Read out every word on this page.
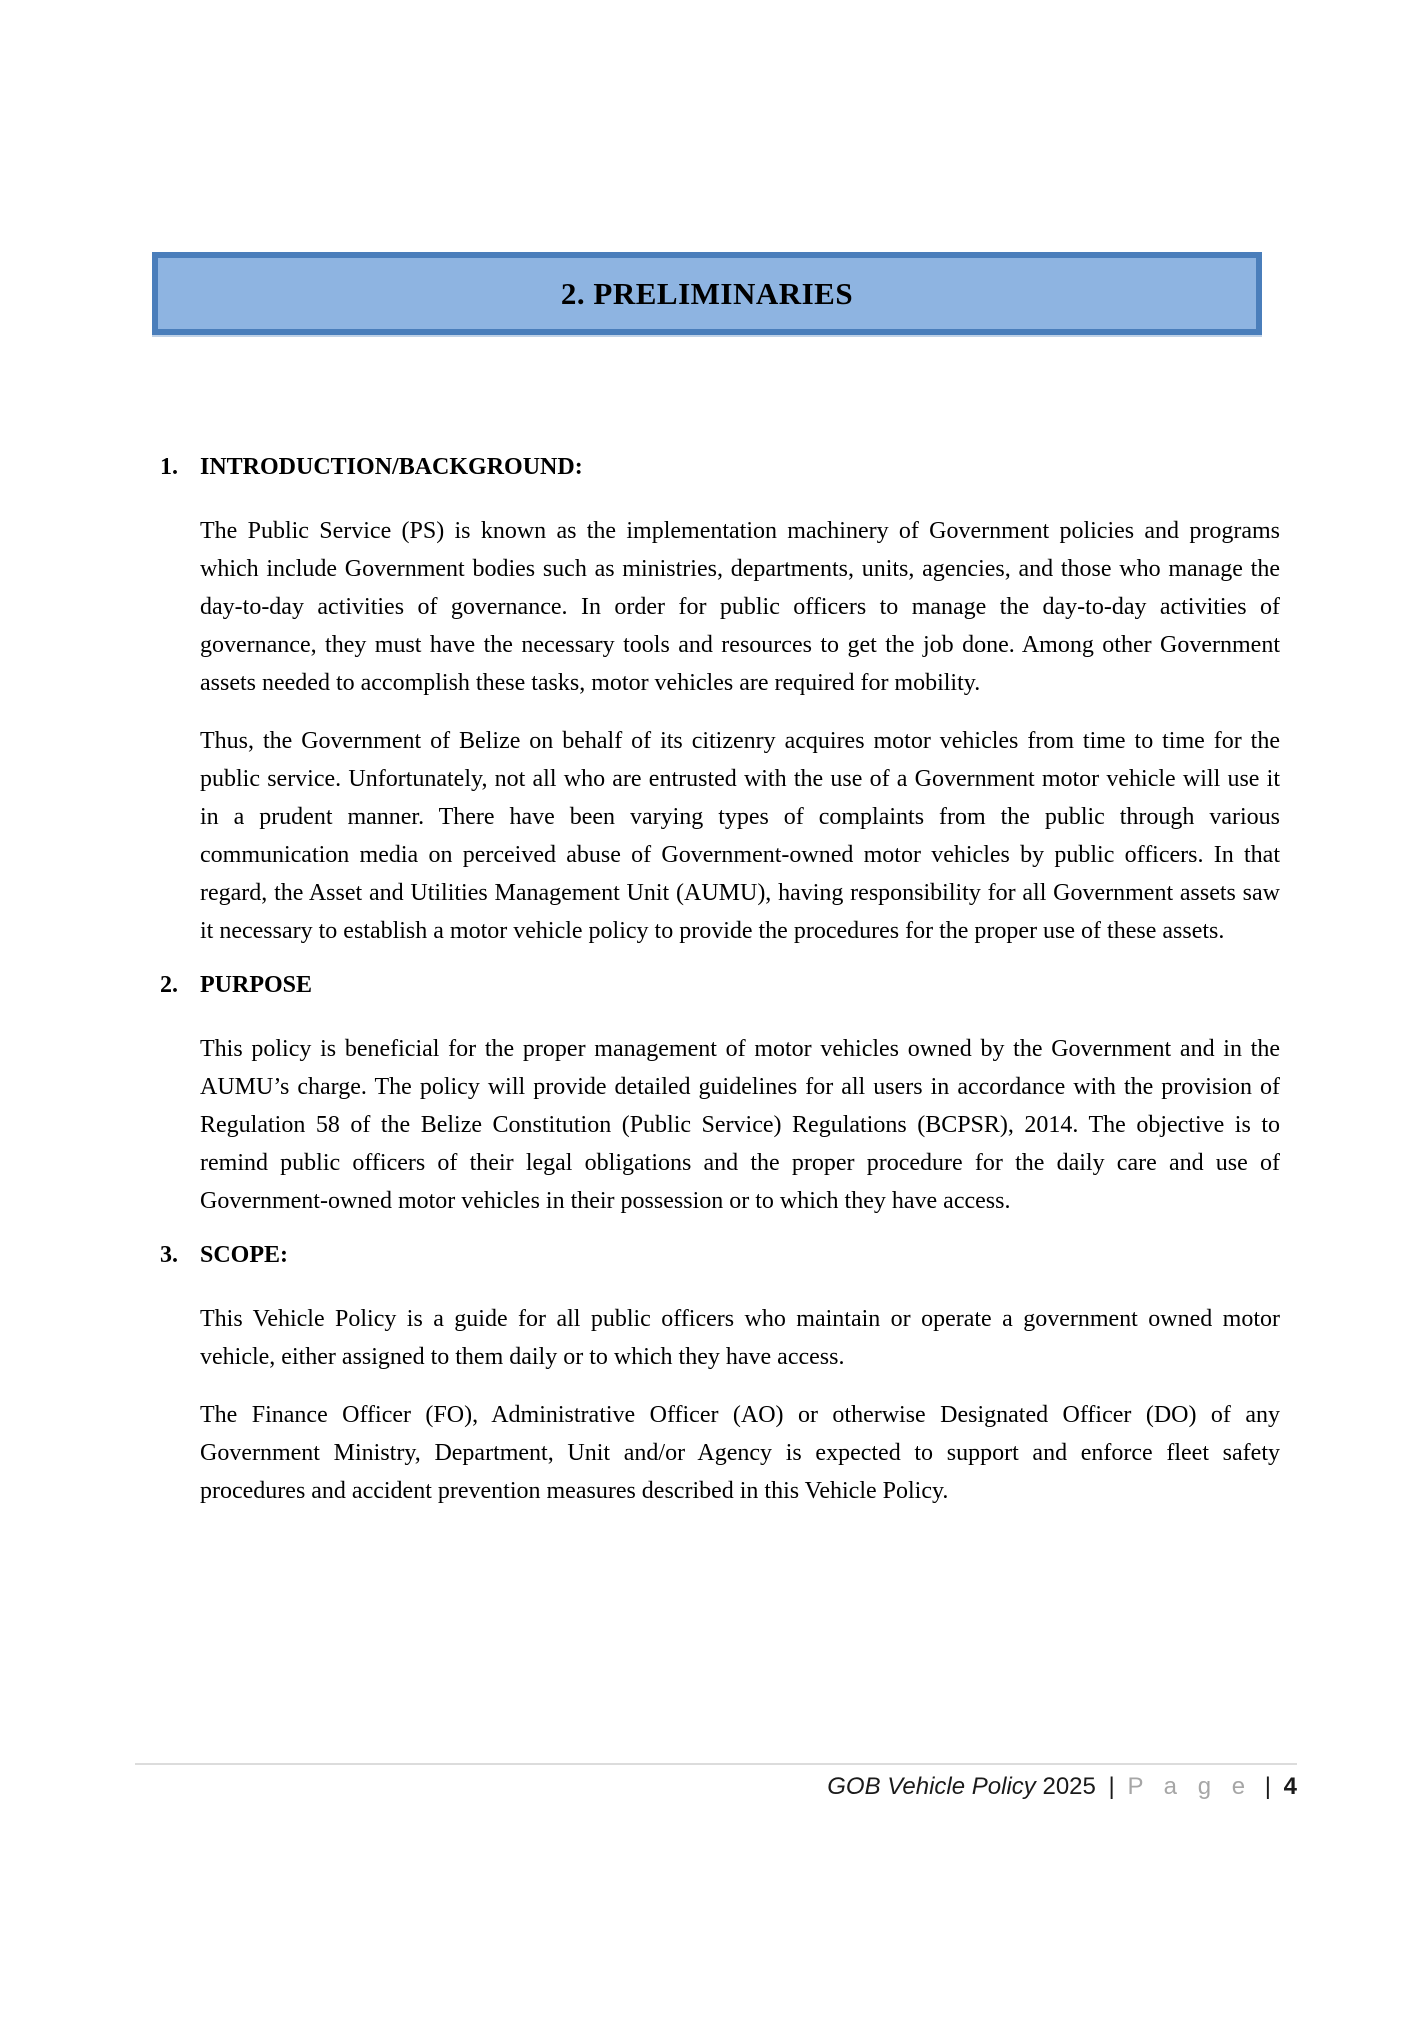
2. PRELIMINARIES
1. INTRODUCTION/BACKGROUND:

The Public Service (PS) is known as the implementation machinery of Government policies and programs which include Government bodies such as ministries, departments, units, agencies, and those who manage the day-to-day activities of governance. In order for public officers to manage the day-to-day activities of governance, they must have the necessary tools and resources to get the job done. Among other Government assets needed to accomplish these tasks, motor vehicles are required for mobility.

Thus, the Government of Belize on behalf of its citizenry acquires motor vehicles from time to time for the public service. Unfortunately, not all who are entrusted with the use of a Government motor vehicle will use it in a prudent manner. There have been varying types of complaints from the public through various communication media on perceived abuse of Government-owned motor vehicles by public officers. In that regard, the Asset and Utilities Management Unit (AUMU), having responsibility for all Government assets saw it necessary to establish a motor vehicle policy to provide the procedures for the proper use of these assets.

2. PURPOSE

This policy is beneficial for the proper management of motor vehicles owned by the Government and in the AUMU’s charge. The policy will provide detailed guidelines for all users in accordance with the provision of Regulation 58 of the Belize Constitution (Public Service) Regulations (BCPSR), 2014. The objective is to remind public officers of their legal obligations and the proper procedure for the daily care and use of Government-owned motor vehicles in their possession or to which they have access.

3. SCOPE:

This Vehicle Policy is a guide for all public officers who maintain or operate a government owned motor vehicle, either assigned to them daily or to which they have access.

The Finance Officer (FO), Administrative Officer (AO) or otherwise Designated Officer (DO) of any Government Ministry, Department, Unit and/or Agency is expected to support and enforce fleet safety procedures and accident prevention measures described in this Vehicle Policy.

GOB Vehicle Policy 2025 | P a g e | 4
